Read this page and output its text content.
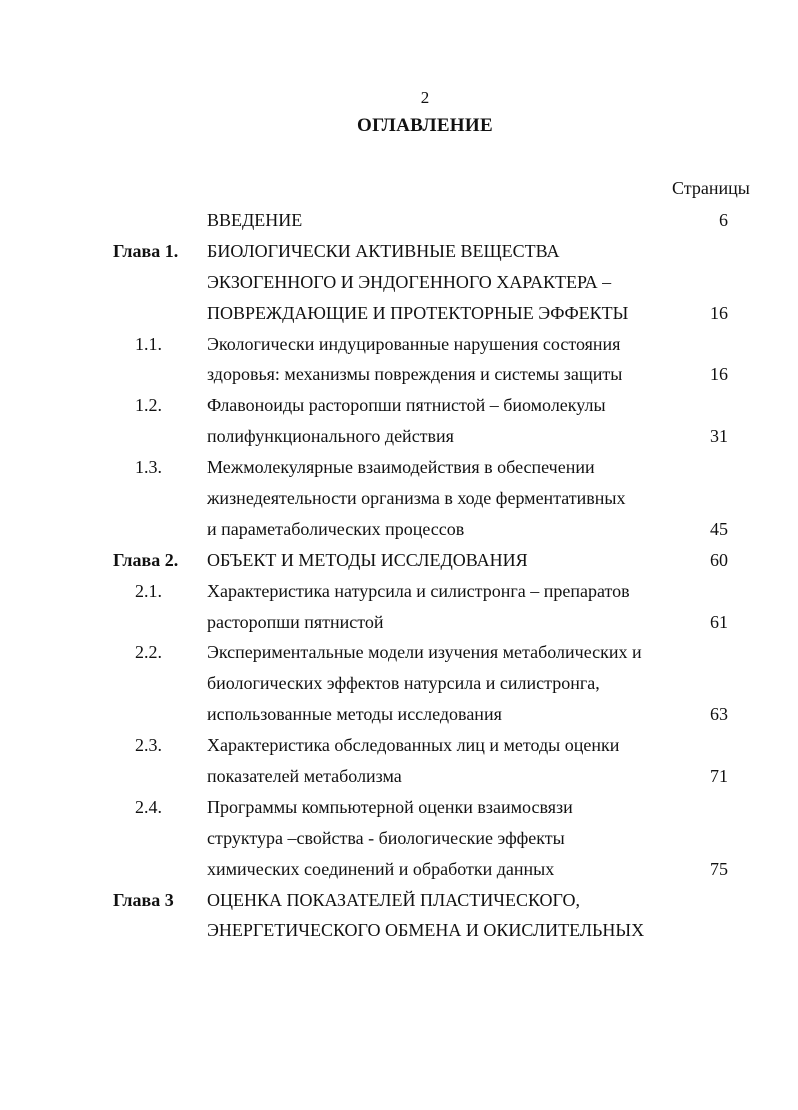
2
ОГЛАВЛЕНИЕ
Страницы
ВВЕДЕНИЕ	6
Глава 1. БИОЛОГИЧЕСКИ АКТИВНЫЕ ВЕЩЕСТВА
ЭКЗОГЕННОГО И ЭНДОГЕННОГО ХАРАКТЕРА –
ПОВРЕЖДАЮЩИЕ И ПРОТЕКТОРНЫЕ ЭФФЕКТЫ	16
1.1.	Экологически индуцированные нарушения состояния
здоровья: механизмы повреждения и системы защиты	16
1.2.	Флавоноиды расторопши пятнистой – биомолекулы
полифункционального действия	31
1.3.	Межмолекулярные взаимодействия в обеспечении
жизнедеятельности организма в ходе ферментативных
и параметаболических процессов	45
Глава 2. ОБЪЕКТ И МЕТОДЫ ИССЛЕДОВАНИЯ	60
2.1.	Характеристика натурсила и силистронга – препаратов
расторопши пятнистой	61
2.2.	Экспериментальные модели изучения метаболических и
биологических эффектов натурсила и силистронга,
использованные методы исследования	63
2.3.	Характеристика обследованных лиц и методы оценки
показателей метаболизма	71
2.4.	Программы компьютерной оценки взаимосвязи
структура –свойства - биологические эффекты
химических соединений и обработки данных	75
Глава 3 ОЦЕНКА ПОКАЗАТЕЛЕЙ ПЛАСТИЧЕСКОГО,
ЭНЕРГЕТИЧЕСКОГО ОБМЕНА И ОКИСЛИТЕЛЬНЫХ
